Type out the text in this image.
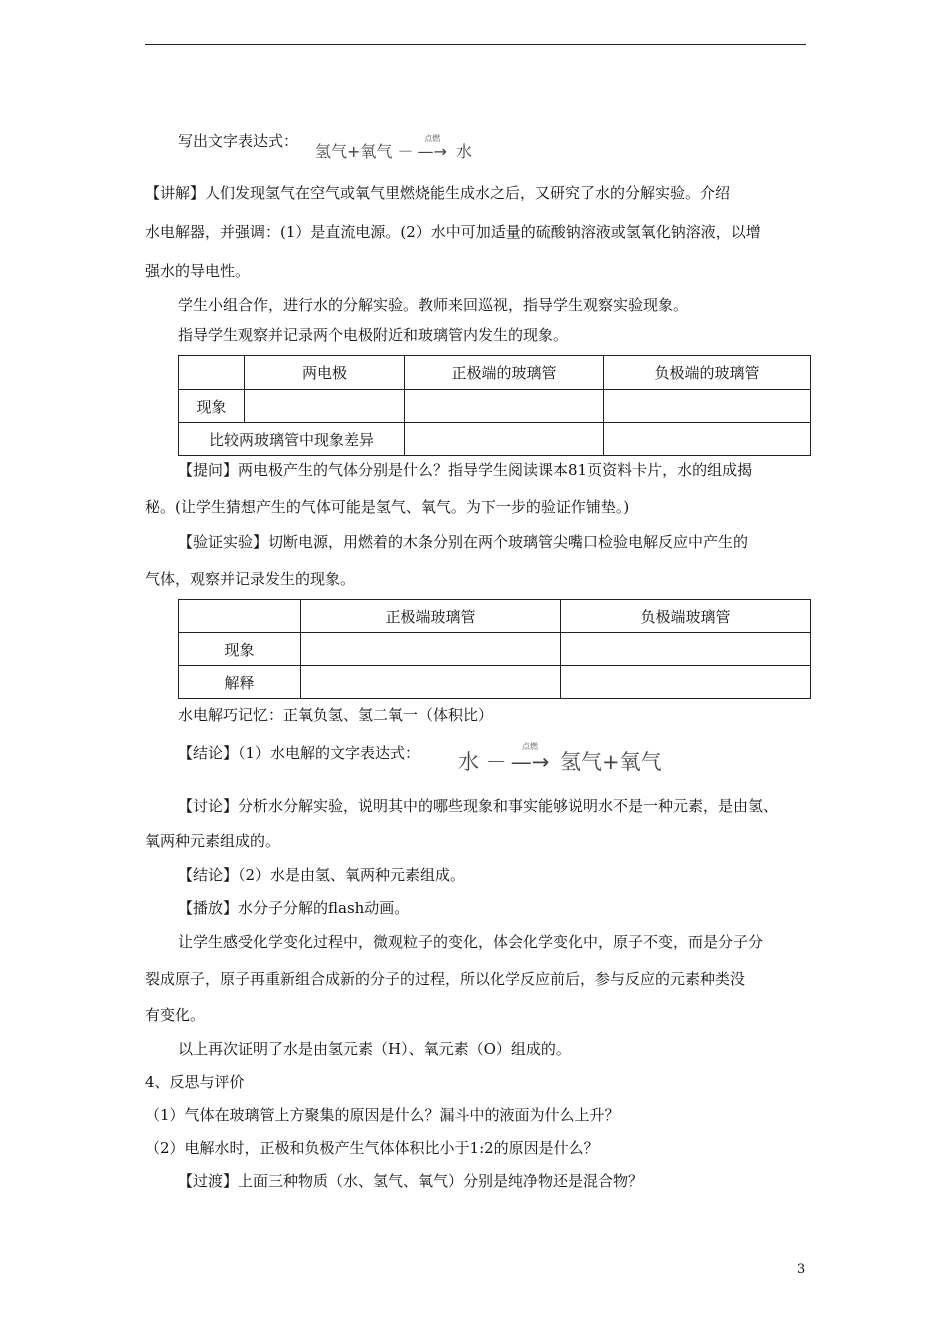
写出文字表达式：
氢气+氧气 －
点燃
—→ 水
【讲解】人们发现氢气在空气或氧气里燃烧能生成水之后，又研究了水的分解实验。介绍
水电解器，并强调：(1）是直流电源。(2）水中可加适量的硫酸钠溶液或氢氧化钠溶液，以增
强水的导电性。
学生小组合作，进行水的分解实验。教师来回巡视，指导学生观察实验现象。
指导学生观察并记录两个电极附近和玻璃管内发生的现象。
	两电极	正极端的玻璃管	负极端的玻璃管
现象			
比较两玻璃管中现象差异			
【提问】两电极产生的气体分别是什么？指导学生阅读课本81页资料卡片，水的组成揭
秘。(让学生猜想产生的气体可能是氢气、氧气。为下一步的验证作铺垫。)
【验证实验】切断电源，用燃着的木条分别在两个玻璃管尖嘴口检验电解反应中产生的
气体，观察并记录发生的现象。
	正极端玻璃管	负极端玻璃管
现象		
解释		
水电解巧记忆：正氧负氢、氢二氧一（体积比）
【结论】（1）水电解的文字表达式： 水 －
点燃
—→ 氢气+氧气
【讨论】分析水分解实验，说明其中的哪些现象和事实能够说明水不是一种元素，是由氢、
氧两种元素组成的。
【结论】（2）水是由氢、氧两种元素组成。
【播放】水分子分解的flash动画。
让学生感受化学变化过程中，微观粒子的变化，体会化学变化中，原子不变，而是分子分
裂成原子，原子再重新组合成新的分子的过程，所以化学反应前后，参与反应的元素种类没
有变化。
以上再次证明了水是由氢元素（H）、氧元素（O）组成的。
4、反思与评价
（1）气体在玻璃管上方聚集的原因是什么？漏斗中的液面为什么上升？
（2）电解水时，正极和负极产生气体体积比小于1:2的原因是什么？
【过渡】上面三种物质（水、氢气、氧气）分别是纯净物还是混合物？
3
